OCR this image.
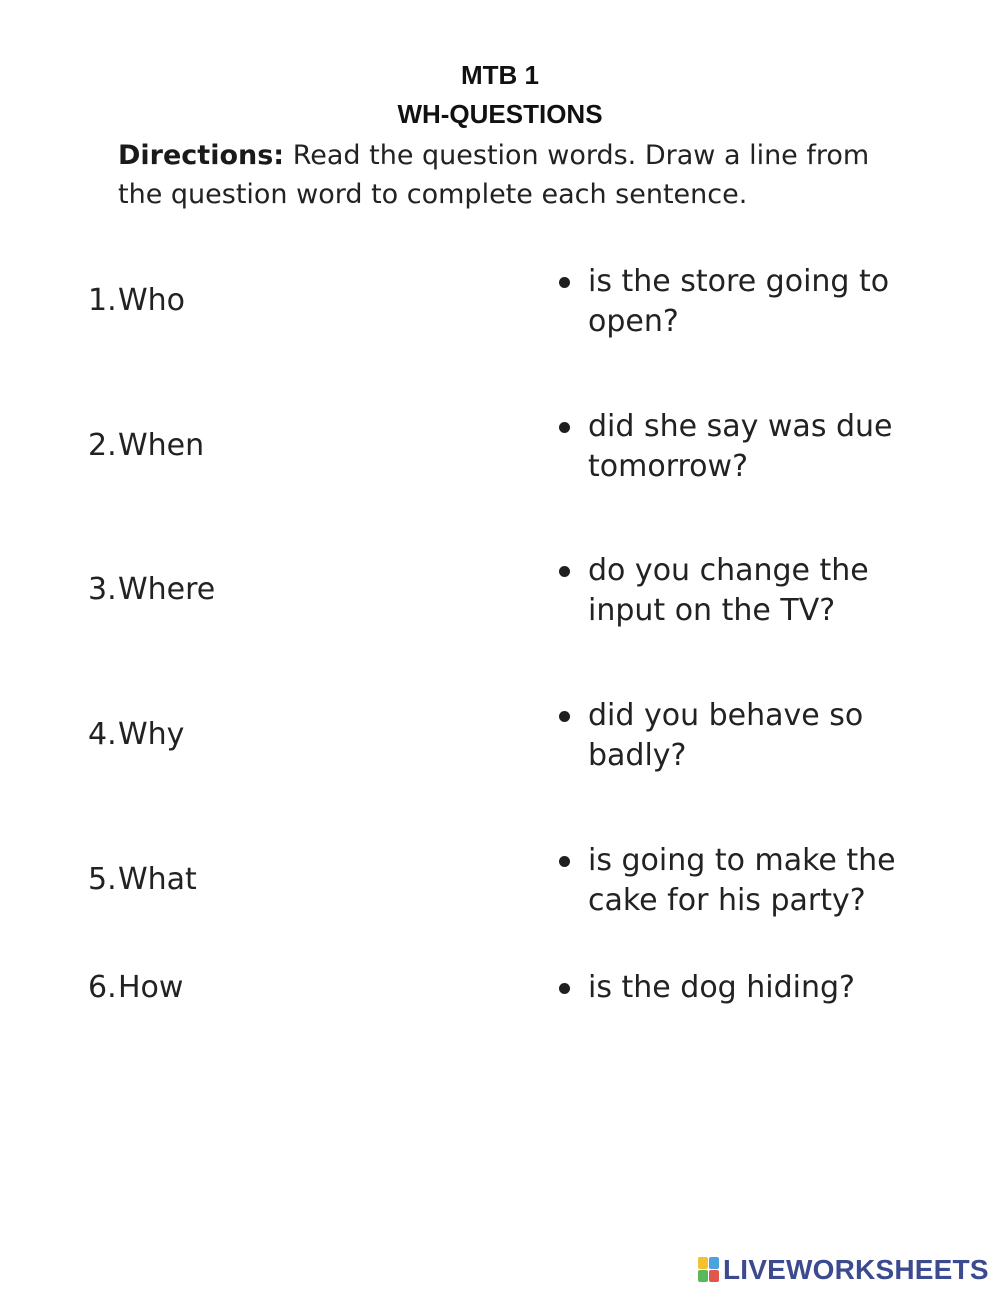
MTB 1
WH-QUESTIONS
Directions: Read the question words. Draw a line from the question word to complete each sentence.
1.Who
2.When
3.Where
4.Why
5.What
6.How
is the store going to open?
did she say was due tomorrow?
do you change the input on the TV?
did you behave so badly?
is going to make the cake for his party?
is the dog hiding?
LIVEWORKSHEETS
